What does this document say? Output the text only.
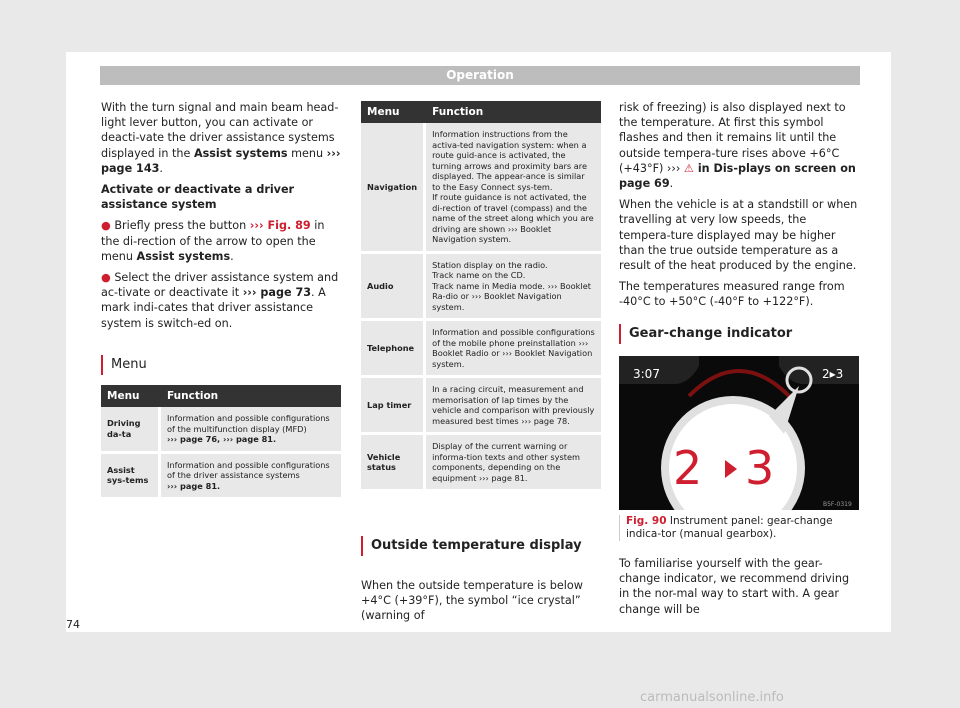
Operation

With the turn signal and main beam head-light lever button, you can activate or deacti-vate the driver assistance systems displayed in the Assist systems menu ››› page 143.

Activate or deactivate a driver assistance system

● Briefly press the button ››› Fig. 89 in the di-rection of the arrow to open the menu Assist systems.

● Select the driver assistance system and ac-tivate or deactivate it ››› page 73. A mark indi-cates that driver assistance system is switch-ed on.

Menu
Menu	Function
Driving da-ta	Information and possible configurations of the multifunction display (MFD)
››› page 76, ››› page 81.
Assist sys-tems	Information and possible configurations of the driver assistance systems
››› page 81.
Menu	Function
Navigation	Information instructions from the activa-ted navigation system: when a route guid-ance is activated, the turning arrows and proximity bars are displayed. The appear-ance is similar to the Easy Connect sys-tem.
If route guidance is not activated, the di-rection of travel (compass) and the name of the street along which you are driving are shown ››› Booklet Navigation system.
Audio	Station display on the radio.
Track name on the CD.
Track name in Media mode. ››› Booklet Ra-dio or ››› Booklet Navigation system.
Telephone	Information and possible configurations of the mobile phone preinstallation ››› Booklet Radio or ››› Booklet Navigation system.
Lap timer	In a racing circuit, measurement and memorisation of lap times by the vehicle and comparison with previously measured best times ››› page 78.
Vehicle status	Display of the current warning or informa-tion texts and other system components, depending on the equipment ››› page 81.
Outside temperature display
When the outside temperature is below +4°C (+39°F), the symbol “ice crystal” (warning of

risk of freezing) is also displayed next to the temperature. At first this symbol flashes and then it remains lit until the outside tempera-ture rises above +6°C (+43°F) ››› ⚠ in Dis-plays on screen on page 69.

When the vehicle is at a standstill or when travelling at very low speeds, the tempera-ture displayed may be higher than the true outside temperature as a result of the heat produced by the engine.

The temperatures measured range from -40°C to +50°C (-40°F to +122°F).

Gear-change indicator
2▸3
3:07
2 3
B5F-0319
Fig. 90 Instrument panel: gear-change indica-tor (manual gearbox).
To familiarise yourself with the gear-change indicator, we recommend driving in the nor-mal way to start with. A gear change will be
74
carmanualsonline.info
